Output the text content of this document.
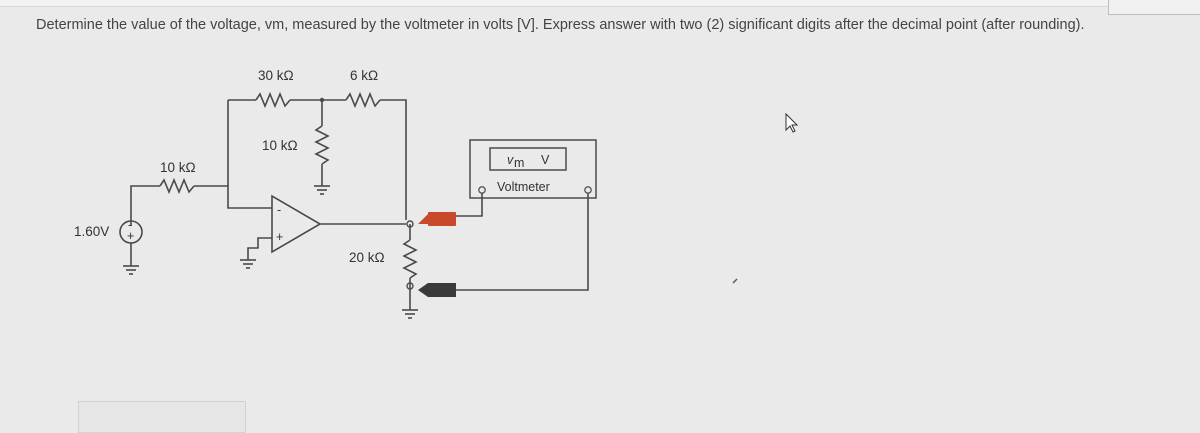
Determine the value of the voltage, vm, measured by the voltmeter in volts [V]. Express answer with two (2) significant digits after the decimal point (after rounding).
30 kΩ	6 kΩ
10 kΩ
10 kΩ
20 kΩ
1.60V
-
+
-
+
v m V
Voltmeter
